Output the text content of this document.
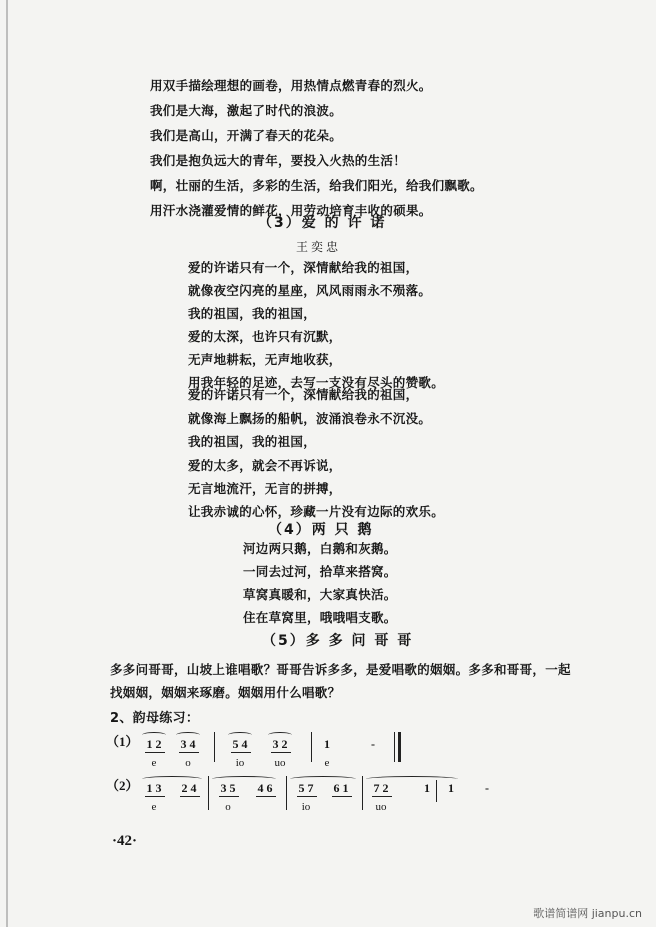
用双手描绘理想的画卷，用热情点燃青春的烈火。
我们是大海，激起了时代的浪波。
我们是高山，开满了春天的花朵。
我们是抱负远大的青年，要投入火热的生活！
啊，壮丽的生活，多彩的生活，给我们阳光，给我们飘歌。
用汗水浇灌爱情的鲜花，用劳动培育丰收的硕果。
（3）爱 的 许 诺
王奕忠
爱的许诺只有一个，深情献给我的祖国，
就像夜空闪亮的星座，风风雨雨永不殒落。
我的祖国，我的祖国，
爱的太深，也许只有沉默，
无声地耕耘，无声地收获，
用我年轻的足迹，去写一支没有尽头的赞歌。
爱的许诺只有一个，深情献给我的祖国，
就像海上飘扬的船帆，波涌浪卷永不沉没。
我的祖国，我的祖国，
爱的太多，就会不再诉说，
无言地流汗，无言的拼搏，
让我赤诚的心怀，珍藏一片没有边际的欢乐。
（4）两 只 鹅
河边两只鹅，白鹅和灰鹅。
一同去过河，拾草来搭窝。
草窝真暖和，大家真快活。
住在草窝里，哦哦唱支歌。
（5）多 多 问 哥 哥
多多问哥哥，山坡上谁唱歌？哥哥告诉多多，是爱唱歌的姻姻。多多和哥哥，一起
找姻姻，姻姻来琢磨。姻姻用什么唱歌？
2、韵母练习：
（1） 1 2	3 4	5 4	3 2	1	-
e	o	io	uo	e
（2） 1 3	2 4	3 5	4 6	5 7	6 1	7 2	1	1	-
e	o	io	uo
·42·
歌谱简谱网 jianpu.cn
